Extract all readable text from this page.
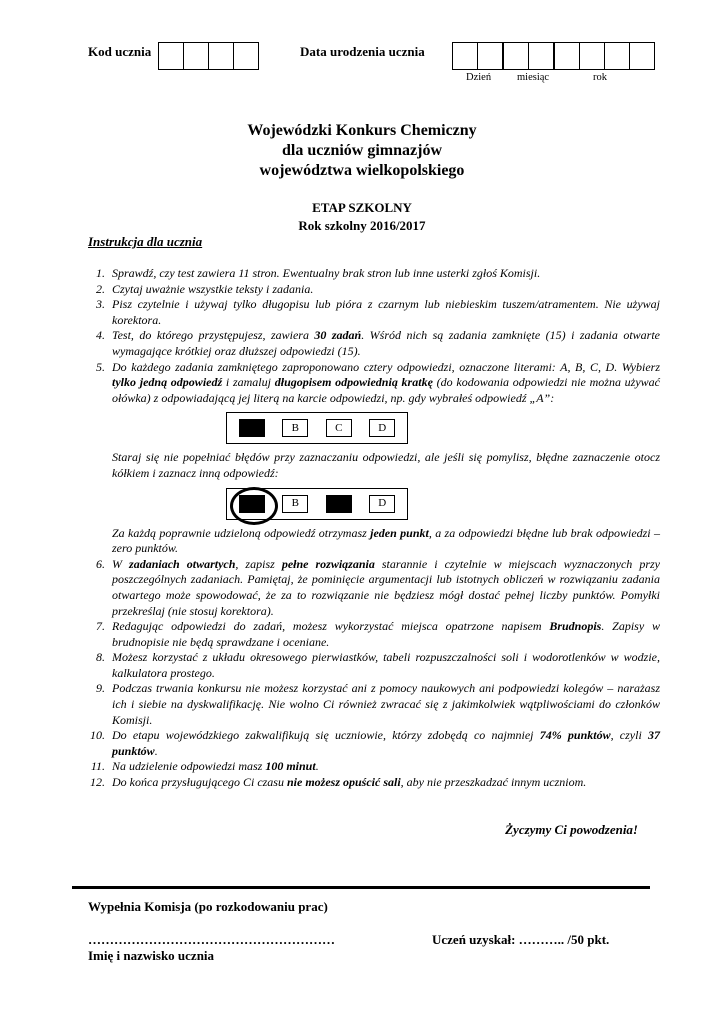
Kod ucznia	Data urodzenia ucznia
Dzień miesiąc	rok
Wojewódzki Konkurs Chemiczny
dla uczniów gimnazjów
województwa wielkopolskiego
ETAP SZKOLNY
Rok szkolny 2016/2017
Instrukcja dla ucznia
1. Sprawdź, czy test zawiera 11 stron. Ewentualny brak stron lub inne usterki zgłoś Komisji.
2. Czytaj uważnie wszystkie teksty i zadania.
3. Pisz czytelnie i używaj tylko długopisu lub pióra z czarnym lub niebieskim tuszem/atramentem. Nie używaj korektora.
4. Test, do którego przystępujesz, zawiera 30 zadań. Wśród nich są zadania zamknięte (15) i zadania otwarte wymagające krótkiej oraz dłuższej odpowiedzi (15).
5. Do każdego zadania zamkniętego zaproponowano cztery odpowiedzi, oznaczone literami: A, B, C, D. Wybierz tylko jedną odpowiedź i zamaluj długopisem odpowiednią kratkę (do kodowania odpowiedzi nie można używać ołówka) z odpowiadającą jej literą na karcie odpowiedzi, np. gdy wybrałeś odpowiedź „A”:
B	C	D

Staraj się nie popełniać błędów przy zaznaczaniu odpowiedzi, ale jeśli się pomylisz, błędne zaznaczenie otocz kółkiem i zaznacz inną odpowiedź:

B	D

Za każdą poprawnie udzieloną odpowiedź otrzymasz jeden punkt, a za odpowiedzi błędne lub brak odpowiedzi – zero punktów.

6. W zadaniach otwartych, zapisz pełne rozwiązania starannie i czytelnie w miejscach wyznaczonych przy poszczególnych zadaniach. Pamiętaj, że pominięcie argumentacji lub istotnych obliczeń w rozwiązaniu zadania otwartego może spowodować, że za to rozwiązanie nie będziesz mógł dostać pełnej liczby punktów. Pomyłki przekreślaj (nie stosuj korektora).
7. Redagując odpowiedzi do zadań, możesz wykorzystać miejsca opatrzone napisem Brudnopis. Zapisy w brudnopisie nie będą sprawdzane i oceniane.
8. Możesz korzystać z układu okresowego pierwiastków, tabeli rozpuszczalności soli i wodorotlenków w wodzie, kalkulatora prostego.
9. Podczas trwania konkursu nie możesz korzystać ani z pomocy naukowych ani podpowiedzi kolegów – narażasz ich i siebie na dyskwalifikację. Nie wolno Ci również zwracać się z jakimkolwiek wątpliwościami do członków Komisji.
10. Do etapu wojewódzkiego zakwalifikują się uczniowie, którzy zdobędą co najmniej 74% punktów, czyli 37 punktów.
11. Na udzielenie odpowiedzi masz 100 minut.
12. Do końca przysługującego Ci czasu nie możesz opuścić sali, aby nie przeszkadzać innym uczniom.
Życzymy Ci powodzenia!
Wypełnia Komisja (po rozkodowaniu prac)
…………………………………………………	Uczeń uzyskał: ……….. /50 pkt.
Imię i nazwisko ucznia
